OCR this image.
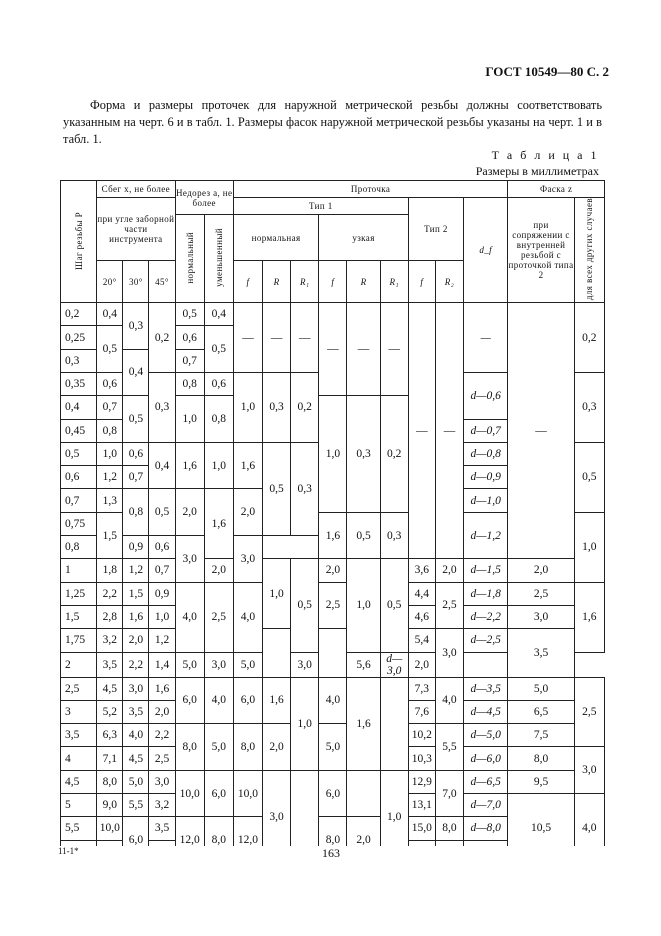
ГОСТ 10549—80 С. 2
Форма и размеры проточек для наружной метрической резьбы должны соответствовать указанным на черт. 6 и в табл. 1. Размеры фасок наружной метрической резьбы указаны на черт. 1 и в табл. 1.
Т а б л и ц а 1
Размеры в миллиметрах
Шаг резьбы P	Сбег x, не более			Недорез a, не более		Проточка									Фаска z	
	при угле заборной части инструмента					Тип 1						Тип 2		d_f	при сопряжении с внутренней резьбой с проточкой типа 2	для всех других случаев
				нормальный	уменьшенный	нормальная			узкая							
	20°	30°	45°			f	R	R₁	f	R	R₁	f	R₂			
0,2	0,4	0,3	0,2	0,5	0,4	—	—	—	—	—	—	—	—	—	—	0,2
0,25	0,5			0,6	0,5											
0,3		0,4		0,7												
0,35	0,6		0,3	0,8	0,6	1,0	0,3	0,2						d—0,6		0,3
0,4	0,7	0,5		1,0	0,8				1,0	0,3	0,2					
0,45	0,8													d—0,7		
0,5	1,0	0,6	0,4	1,6	1,0	1,6	0,5	0,3						d—0,8		0,5
0,6	1,2	0,7												d—0,9		
0,7	1,3	0,8	0,5	2,0	1,6	2,0								d—1,0		
0,75	1,5								1,6	0,5	0,3			d—1,2		1,0
0,8		0,9	0,6	3,0		3,0										
1	1,8	1,2	0,7		2,0		1,0	0,5	2,0	1,0	0,5	3,6	2,0	d—1,5	2,0	
1,25	2,2	1,5	0,9	4,0	2,5	4,0			2,5			4,4	2,5	d—1,8	2,5	1,6
1,5	2,8	1,6	1,0									4,6		d—2,2	3,0	
1,75	3,2	2,0	1,2									5,4	3,0	d—2,5	3,5	
2	3,5	2,2	1,4	5,0	3,0	5,0		3,0		5,6	d—3,0	2,0				
2,5	4,5	3,0	1,6	6,0	4,0	6,0	1,6	1,0	4,0	1,6		7,3	4,0	d—3,5	5,0	2,5
3	5,2	3,5	2,0									7,6		d—4,5	6,5	
3,5	6,3	4,0	2,2	8,0	5,0	8,0	2,0		5,0			10,2	5,5	d—5,0	7,5	
4	7,1	4,5	2,5									10,3		d—6,0	8,0	3,0
4,5	8,0	5,0	3,0	10,0	6,0	10,0	3,0		6,0		1,0	12,9	7,0	d—6,5	9,5	
5	9,0	5,5	3,2									13,1		d—7,0	10,5	4,0
5,5	10,0	6,0	3,5	12,0	8,0	12,0			8,0	2,0		15,0	8,0	d—8,0		

11-1*	163
